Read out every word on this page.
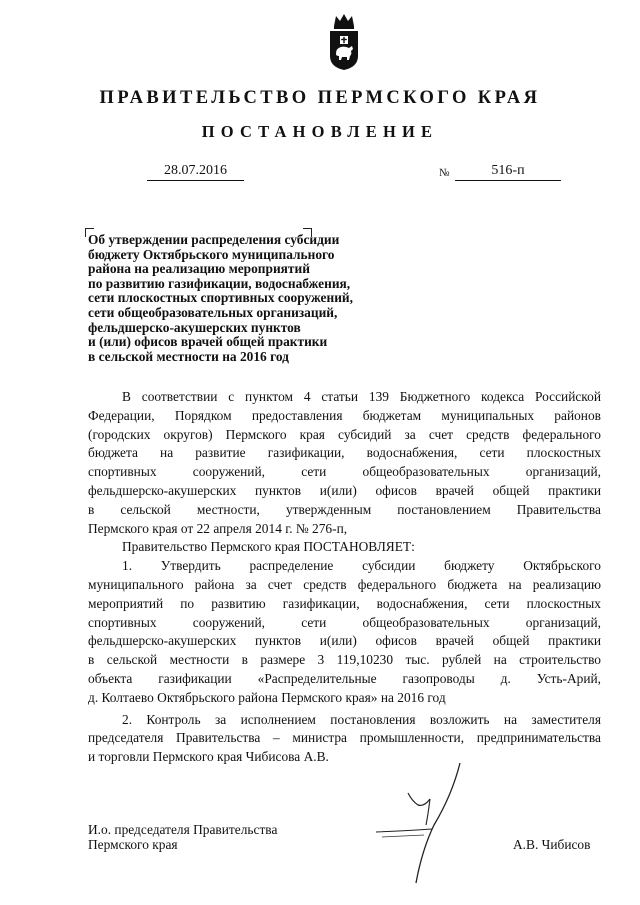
ПРАВИТЕЛЬСТВО ПЕРМСКОГО КРАЯ
ПОСТАНОВЛЕНИЕ
28.07.2016	№	516-п
Об утверждении распределения субсидии
бюджету Октябрьского муниципального
района на реализацию мероприятий
по развитию газификации, водоснабжения,
сети плоскостных спортивных сооружений,
сети общеобразовательных организаций,
фельдшерско-акушерских пунктов
и (или) офисов врачей общей практики
в сельской местности на 2016 год
В соответствии с пунктом 4 статьи 139 Бюджетного кодекса Российской
Федерации, Порядком предоставления бюджетам муниципальных районов
(городских округов) Пермского края субсидий за счет средств федерального
бюджета на развитие газификации, водоснабжения, сети плоскостных
спортивных сооружений, сети общеобразовательных организаций,
фельдшерско-акушерских пунктов и(или) офисов врачей общей практики
в сельской местности, утвержденным постановлением Правительства
Пермского края от 22 апреля 2014 г. № 276-п,
Правительство Пермского края ПОСТАНОВЛЯЕТ:
1. Утвердить распределение субсидии бюджету Октябрьского
муниципального района за счет средств федерального бюджета на реализацию
мероприятий по развитию газификации, водоснабжения, сети плоскостных
спортивных сооружений, сети общеобразовательных организаций,
фельдшерско-акушерских пунктов и(или) офисов врачей общей практики
в сельской местности в размере 3 119,10230 тыс. рублей на строительство
объекта газификации «Распределительные газопроводы д. Усть-Арий,
д. Колтаево Октябрьского района Пермского края» на 2016 год
2. Контроль за исполнением постановления возложить на заместителя
председателя Правительства – министра промышленности, предпринимательства
и торговли Пермского края Чибисова А.В.
И.о. председателя Правительства
Пермского края	А.В. Чибисов
